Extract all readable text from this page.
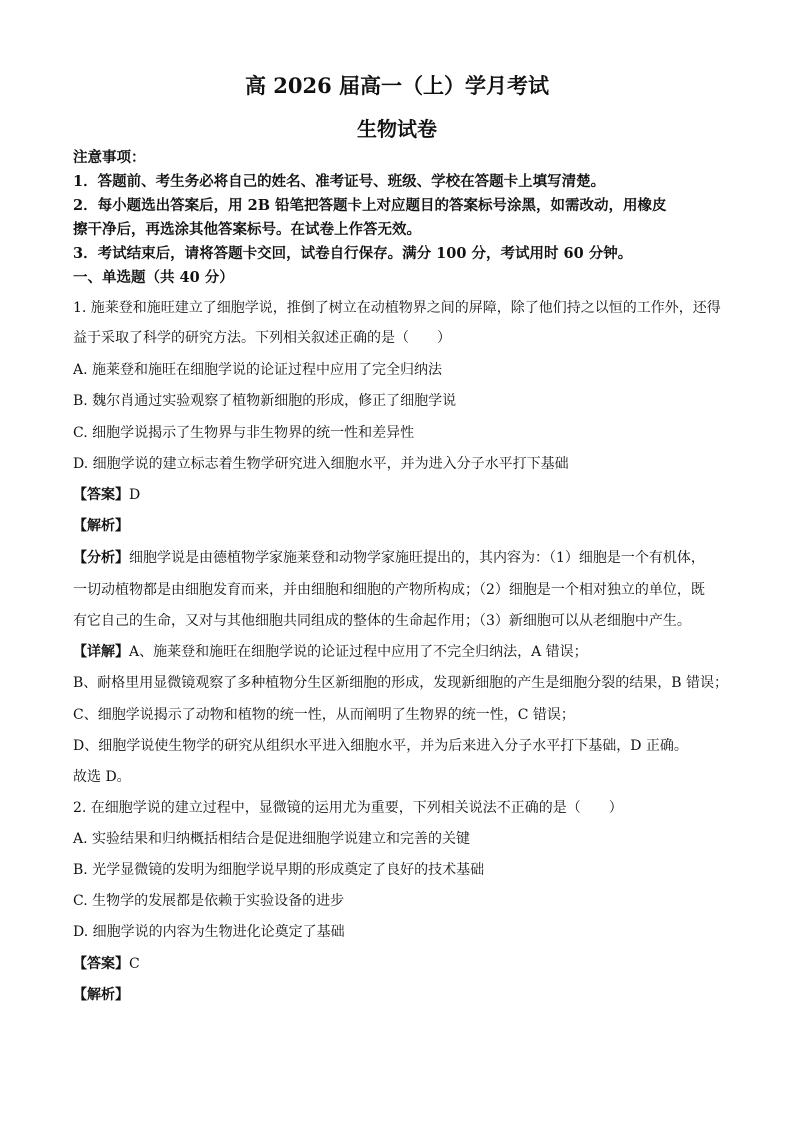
高 2026 届高一（上）学月考试
生物试卷
注意事项：
1．答题前、考生务必将自己的姓名、准考证号、班级、学校在答题卡上填写清楚。
2．每小题选出答案后，用 2B 铅笔把答题卡上对应题目的答案标号涂黑，如需改动，用橡皮
擦干净后，再选涂其他答案标号。在试卷上作答无效。
3．考试结束后，请将答题卡交回，试卷自行保存。满分 100 分，考试用时 60 分钟。
一、单选题（共 40 分）
1. 施莱登和施旺建立了细胞学说，推倒了树立在动植物界之间的屏障，除了他们持之以恒的工作外，还得
益于采取了科学的研究方法。下列相关叙述正确的是（　　）
A. 施莱登和施旺在细胞学说的论证过程中应用了完全归纳法
B. 魏尔肖通过实验观察了植物新细胞的形成，修正了细胞学说
C. 细胞学说揭示了生物界与非生物界的统一性和差异性
D. 细胞学说的建立标志着生物学研究进入细胞水平，并为进入分子水平打下基础
【答案】D
【解析】
【分析】细胞学说是由德植物学家施莱登和动物学家施旺提出的，其内容为：（1）细胞是一个有机体，
一切动植物都是由细胞发育而来，并由细胞和细胞的产物所构成；（2）细胞是一个相对独立的单位，既
有它自己的生命，又对与其他细胞共同组成的整体的生命起作用；（3）新细胞可以从老细胞中产生。
【详解】A、施莱登和施旺在细胞学说的论证过程中应用了不完全归纳法，A 错误；
B、耐格里用显微镜观察了多种植物分生区新细胞的形成，发现新细胞的产生是细胞分裂的结果，B 错误；
C、细胞学说揭示了动物和植物的统一性，从而阐明了生物界的统一性，C 错误；
D、细胞学说使生物学的研究从组织水平进入细胞水平，并为后来进入分子水平打下基础，D 正确。
故选 D。
2. 在细胞学说的建立过程中，显微镜的运用尤为重要，下列相关说法不正确的是（　　）
A. 实验结果和归纳概括相结合是促进细胞学说建立和完善的关键
B. 光学显微镜的发明为细胞学说早期的形成奠定了良好的技术基础
C. 生物学的发展都是依赖于实验设备的进步
D. 细胞学说的内容为生物进化论奠定了基础
【答案】C
【解析】
